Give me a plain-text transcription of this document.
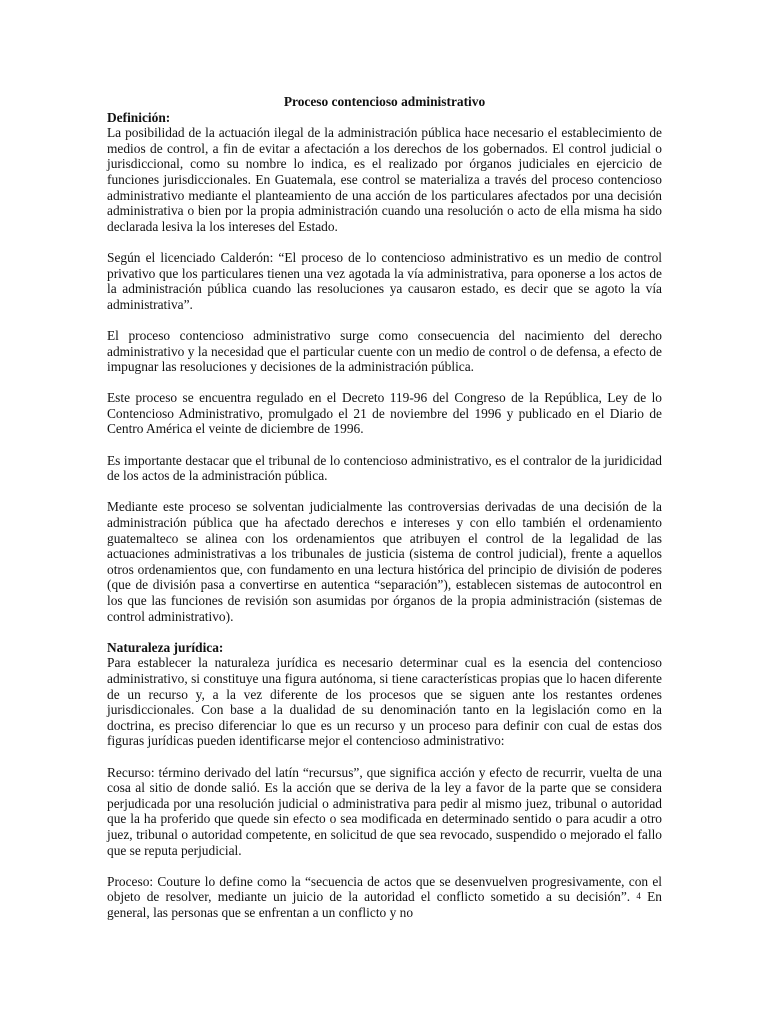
Proceso contencioso administrativo

Definición:

La posibilidad de la actuación ilegal de la administración pública hace necesario el establecimiento de medios de control, a fin de evitar a afectación a los derechos de los gobernados. El control judicial o jurisdiccional, como su nombre lo indica, es el realizado por órganos judiciales en ejercicio de funciones jurisdiccionales. En Guatemala, ese control se materializa a través del proceso contencioso administrativo mediante el planteamiento de una acción de los particulares afectados por una decisión administrativa o bien por la propia administración cuando una resolución o acto de ella misma ha sido declarada lesiva la los intereses del Estado.

Según el licenciado Calderón: “El proceso de lo contencioso administrativo es un medio de control privativo que los particulares tienen una vez agotada la vía administrativa, para oponerse a los actos de la administración pública cuando las resoluciones ya causaron estado, es decir que se agoto la vía administrativa”.

El proceso contencioso administrativo surge como consecuencia del nacimiento del derecho administrativo y la necesidad que el particular cuente con un medio de control o de defensa, a efecto de impugnar las resoluciones y decisiones de la administración pública.

Este proceso se encuentra regulado en el Decreto 119-96 del Congreso de la República, Ley de lo Contencioso Administrativo, promulgado el 21 de noviembre del 1996 y publicado en el Diario de Centro América el veinte de diciembre de 1996.

Es importante destacar que el tribunal de lo contencioso administrativo, es el contralor de la juridicidad de los actos de la administración pública.

Mediante este proceso se solventan judicialmente las controversias derivadas de una decisión de la administración pública que ha afectado derechos e intereses y con ello también el ordenamiento guatemalteco se alinea con los ordenamientos que atribuyen el control de la legalidad de las actuaciones administrativas a los tribunales de justicia (sistema de control judicial), frente a aquellos otros ordenamientos que, con fundamento en una lectura histórica del principio de división de poderes (que de división pasa a convertirse en autentica “separación”), establecen sistemas de autocontrol en los que las funciones de revisión son asumidas por órganos de la propia administración (sistemas de control administrativo).

Naturaleza jurídica:

Para establecer la naturaleza jurídica es necesario determinar cual es la esencia del contencioso administrativo, si constituye una figura autónoma, si tiene características propias que lo hacen diferente de un recurso y, a la vez diferente de los procesos que se siguen ante los restantes ordenes jurisdiccionales. Con base a la dualidad de su denominación tanto en la legislación como en la doctrina, es preciso diferenciar lo que es un recurso y un proceso para definir con cual de estas dos figuras jurídicas pueden identificarse mejor el contencioso administrativo:

Recurso: término derivado del latín “recursus”, que significa acción y efecto de recurrir, vuelta de una cosa al sitio de donde salió. Es la acción que se deriva de la ley a favor de la parte que se considera perjudicada por una resolución judicial o administrativa para pedir al mismo juez, tribunal o autoridad que la ha proferido que quede sin efecto o sea modificada en determinado sentido o para acudir a otro juez, tribunal o autoridad competente, en solicitud de que sea revocado, suspendido o mejorado el fallo que se reputa perjudicial.

Proceso: Couture lo define como la “secuencia de actos que se desenvuelven progresivamente, con el objeto de resolver, mediante un juicio de la autoridad el conflicto sometido a su decisión”. 4 En general, las personas que se enfrentan a un conflicto y no
